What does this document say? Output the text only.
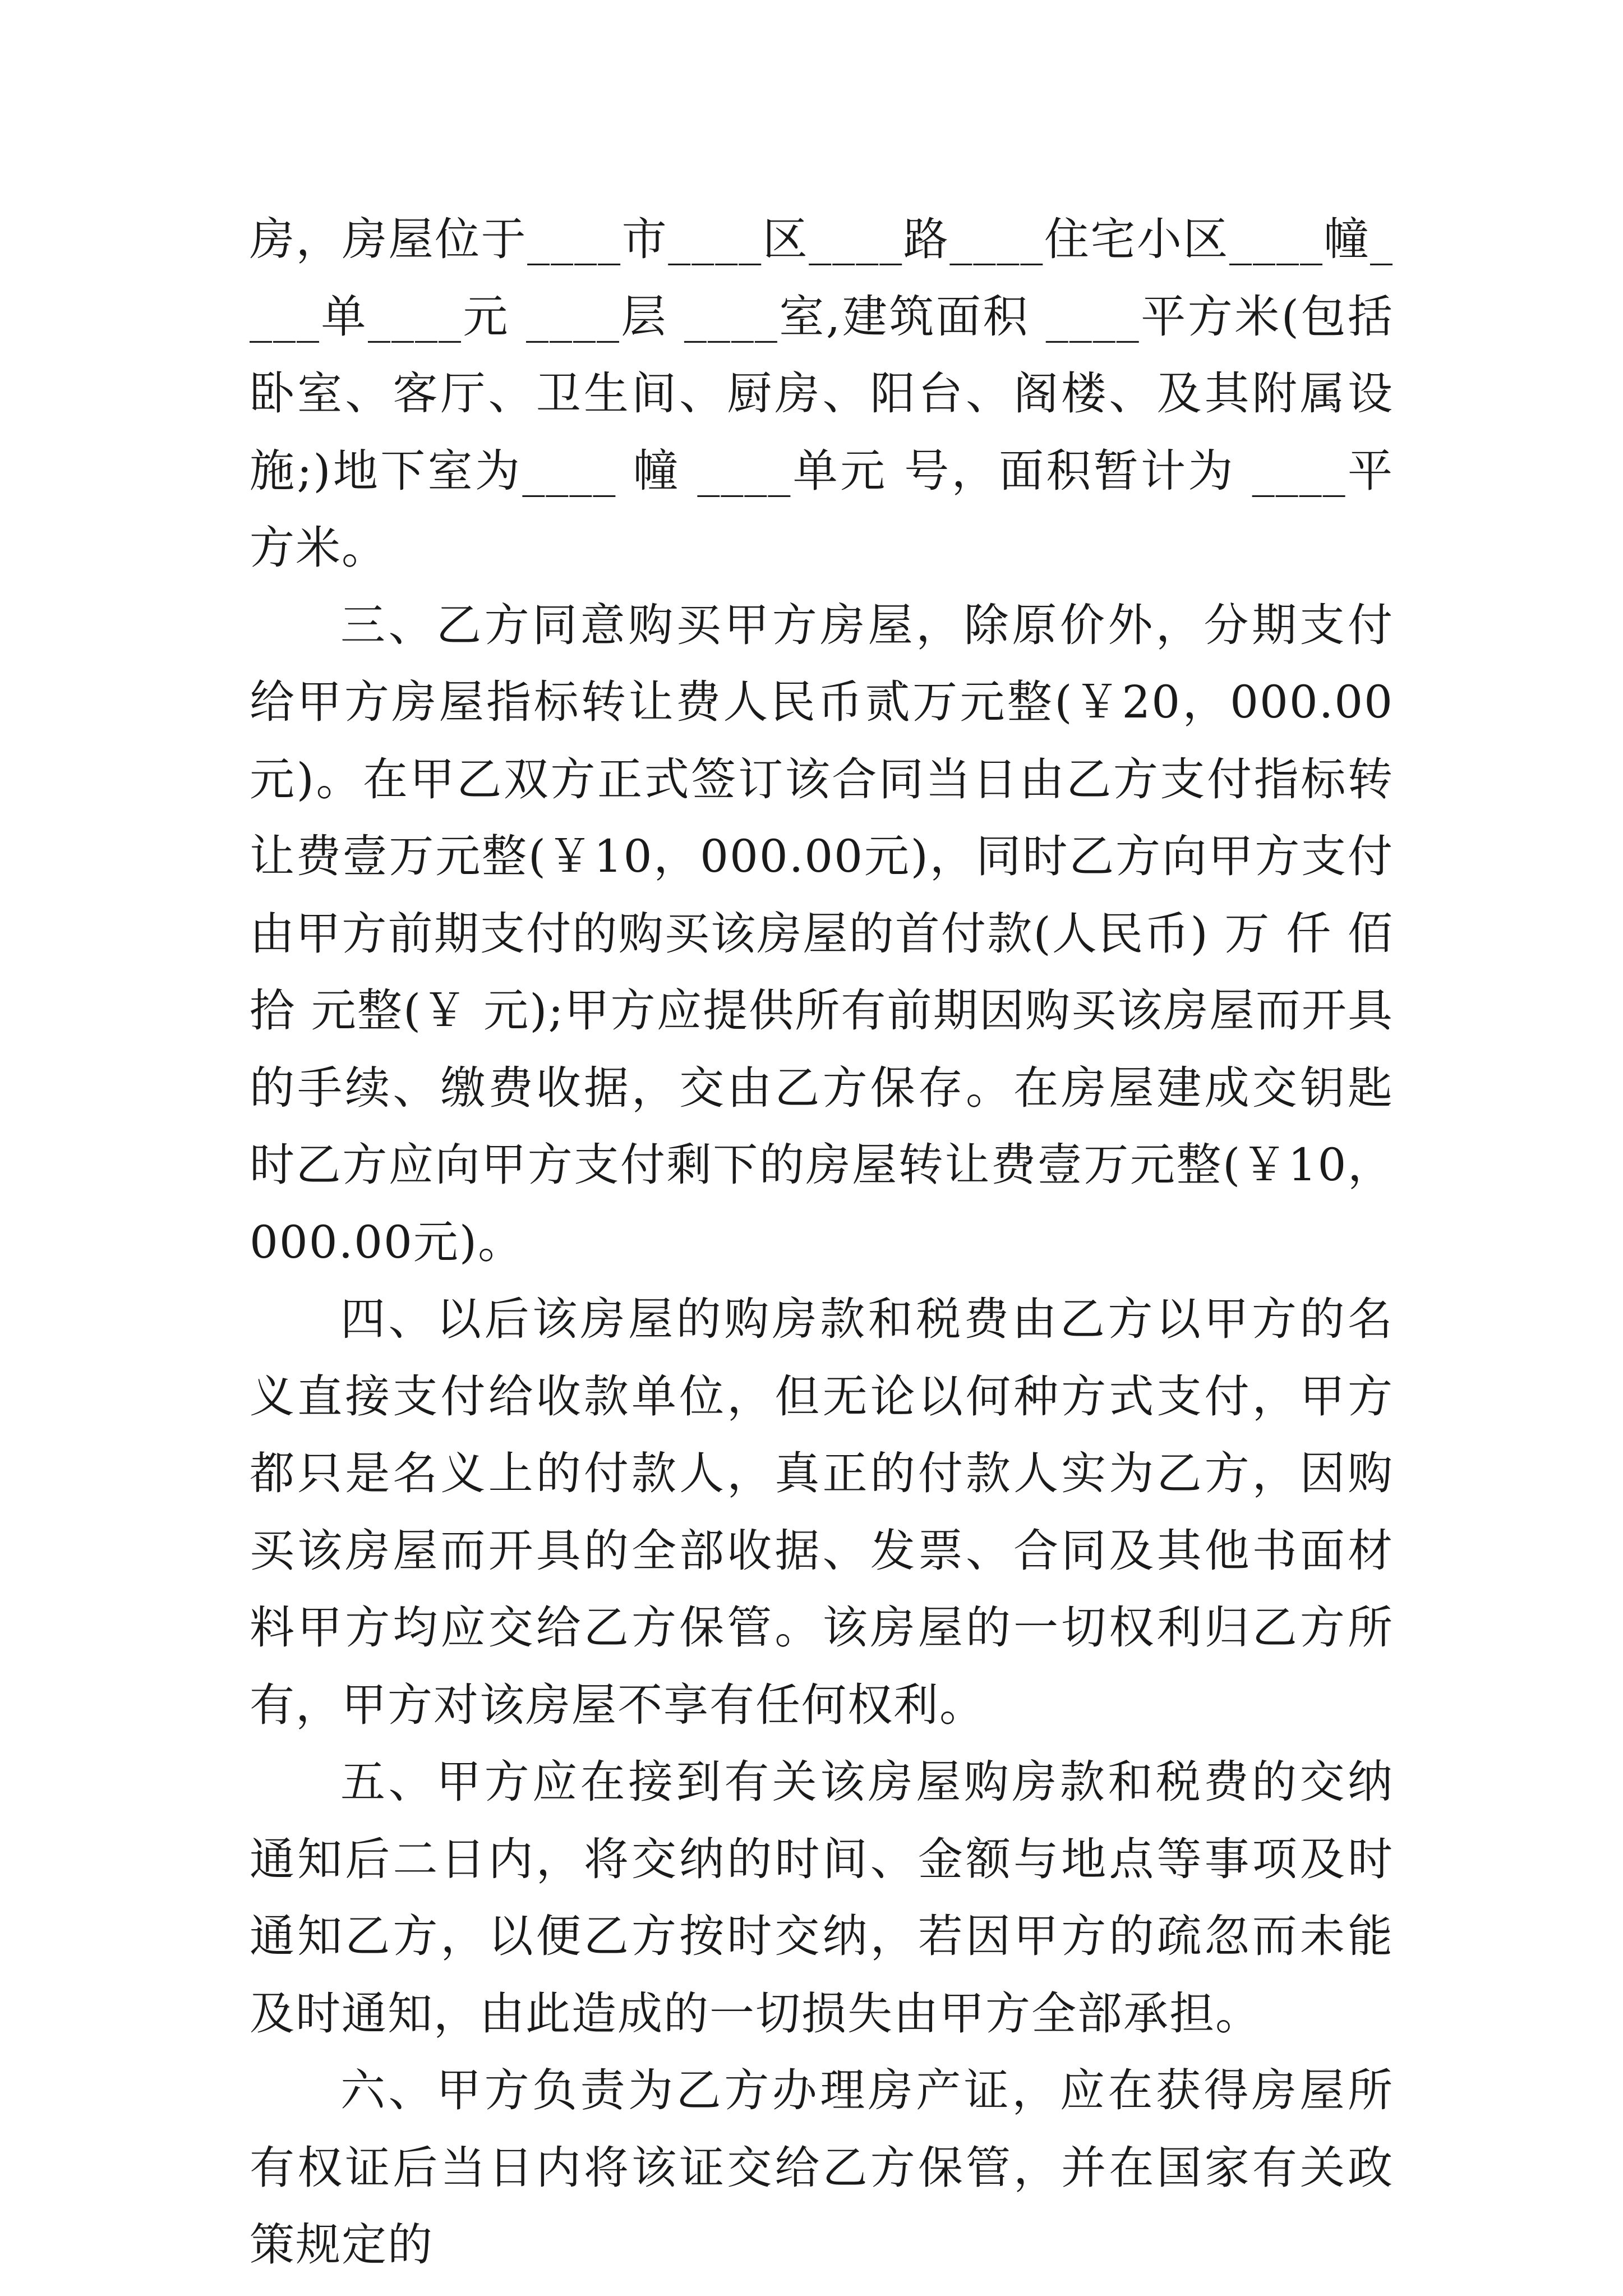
房，房屋位于____市____区____路____住宅小区____幢____单____元 ____层 ____室,建筑面积 ____平方米(包括卧室、客厅、卫生间、厨房、阳台、阁楼、及其附属设施;)地下室为____ 幢 ____单元 号，面积暂计为 ____平方米。

三、乙方同意购买甲方房屋，除原价外，分期支付给甲方房屋指标转让费人民币贰万元整(￥20，000.00元)。在甲乙双方正式签订该合同当日由乙方支付指标转让费壹万元整(￥10，000.00元)，同时乙方向甲方支付由甲方前期支付的购买该房屋的首付款(人民币) 万 仟 佰 拾 元整(￥ 元);甲方应提供所有前期因购买该房屋而开具的手续、缴费收据，交由乙方保存。在房屋建成交钥匙时乙方应向甲方支付剩下的房屋转让费壹万元整(￥10，000.00元)。

四、以后该房屋的购房款和税费由乙方以甲方的名义直接支付给收款单位，但无论以何种方式支付，甲方都只是名义上的付款人，真正的付款人实为乙方，因购买该房屋而开具的全部收据、发票、合同及其他书面材料甲方均应交给乙方保管。该房屋的一切权利归乙方所有，甲方对该房屋不享有任何权利。

五、甲方应在接到有关该房屋购房款和税费的交纳通知后二日内，将交纳的时间、金额与地点等事项及时通知乙方，以便乙方按时交纳，若因甲方的疏忽而未能及时通知，由此造成的一切损失由甲方全部承担。

六、甲方负责为乙方办理房产证，应在获得房屋所有权证后当日内将该证交给乙方保管，并在国家有关政策规定的
